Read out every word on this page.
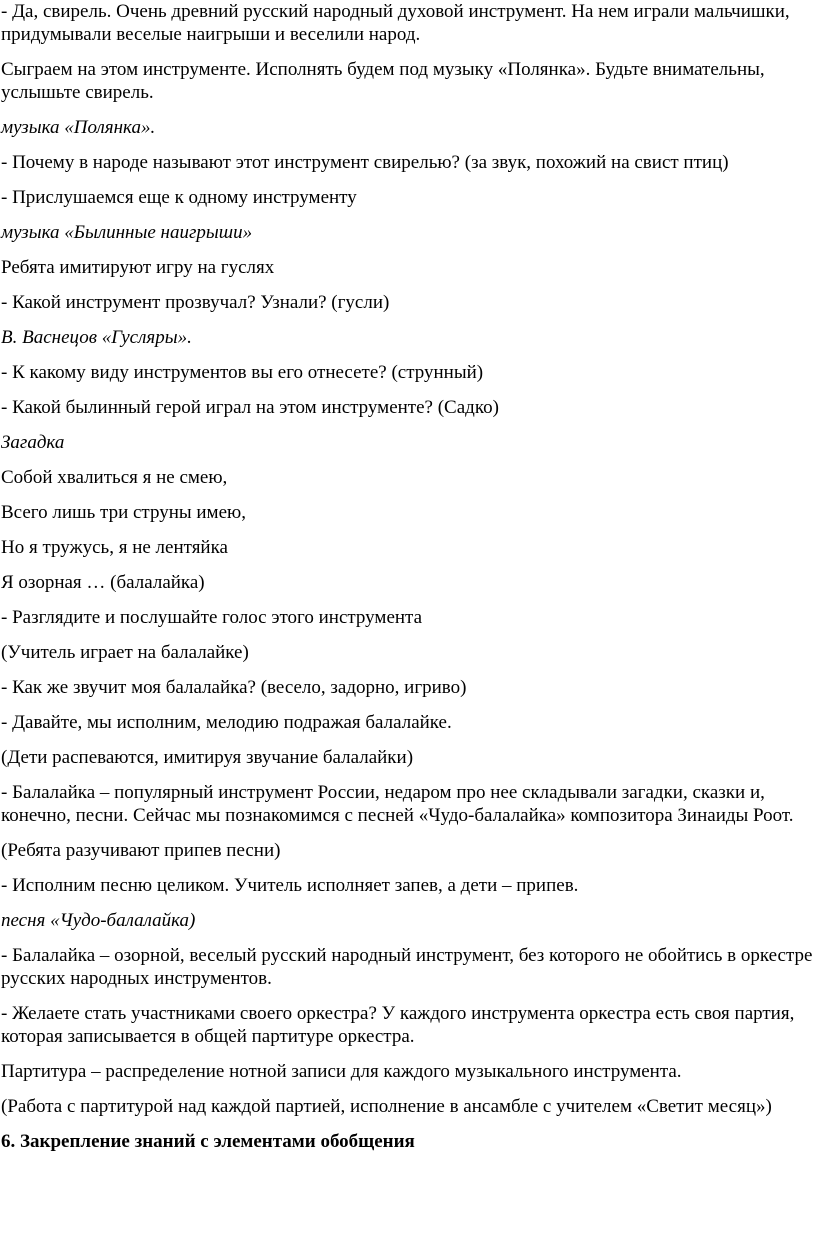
- Да, свирель. Очень древний русский народный духовой инструмент. На нем играли мальчишки, придумывали веселые наигрыши и веселили народ.

Сыграем на этом инструменте. Исполнять будем под музыку «Полянка». Будьте внимательны, услышьте свирель.

музыка «Полянка».

- Почему в народе называют этот инструмент свирелью? (за звук, похожий на свист птиц)

- Прислушаемся еще к одному инструменту

музыка «Былинные наигрыши»

Ребята имитируют игру на гуслях

- Какой инструмент прозвучал? Узнали? (гусли)

В. Васнецов «Гусляры».

- К какому виду инструментов вы его отнесете? (струнный)

- Какой былинный герой играл на этом инструменте? (Садко)

Загадка

Собой хвалиться я не смею,

Всего лишь три струны имею,

Но я тружусь, я не лентяйка

Я озорная … (балалайка)

- Разглядите и послушайте голос этого инструмента

(Учитель играет на балалайке)

- Как же звучит моя балалайка? (весело, задорно, игриво)

- Давайте, мы исполним, мелодию подражая балалайке.

(Дети распеваются, имитируя звучание балалайки)

- Балалайка – популярный инструмент России, недаром про нее складывали загадки, сказки и, конечно, песни. Сейчас мы познакомимся с песней «Чудо-балалайка» композитора Зинаиды Роот.

(Ребята разучивают припев песни)

- Исполним песню целиком. Учитель исполняет запев, а дети – припев.

песня «Чудо-балалайка)

- Балалайка – озорной, веселый русский народный инструмент, без которого не обойтись в оркестре русских народных инструментов.

- Желаете стать участниками своего оркестра? У каждого инструмента оркестра есть своя партия, которая записывается в общей партитуре оркестра.

Партитура – распределение нотной записи для каждого музыкального инструмента.

(Работа с партитурой над каждой партией, исполнение в ансамбле с учителем «Светит месяц»)

6. Закрепление знаний с элементами обобщения
